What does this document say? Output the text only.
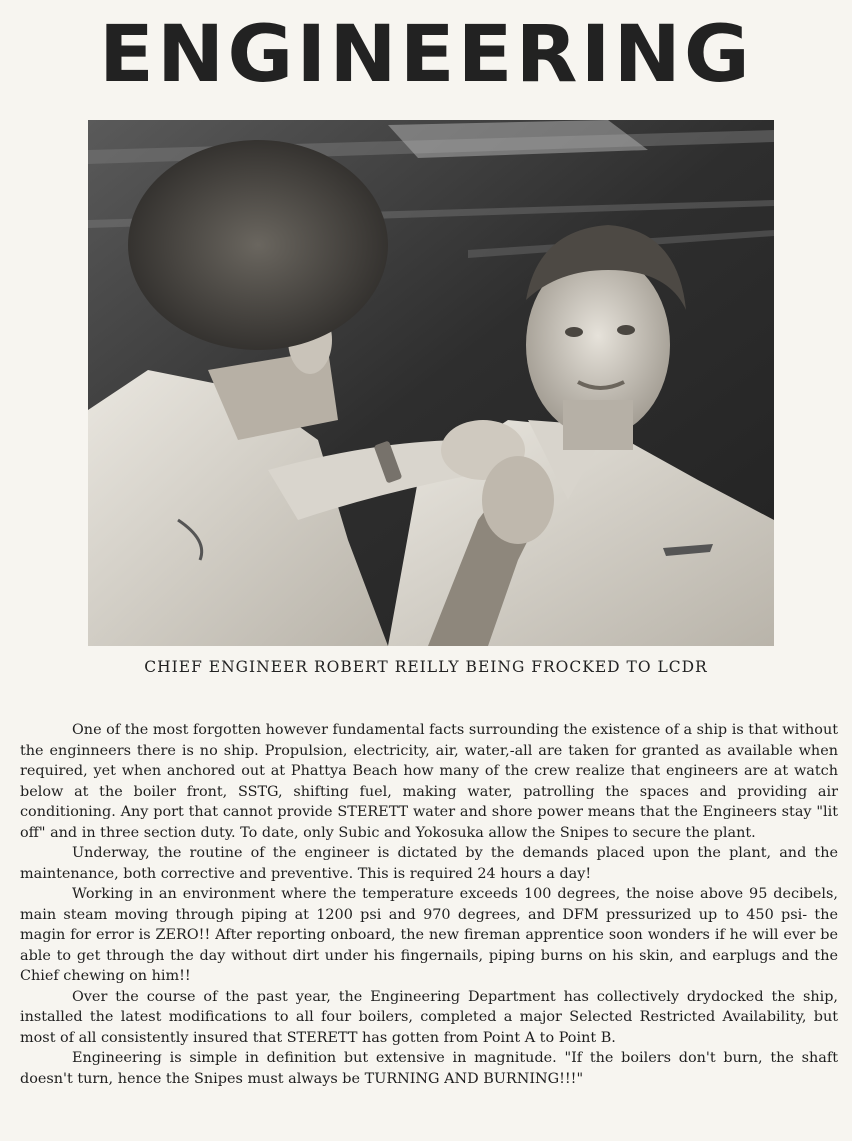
ENGINEERING
CHIEF ENGINEER ROBERT REILLY BEING FROCKED TO LCDR

One of the most forgotten however fundamental facts surrounding the existence of a ship is that without the enginneers there is no ship. Propulsion, electricity, air, water,-all are taken for granted as available when required, yet when anchored out at Phattya Beach how many of the crew realize that engineers are at watch below at the boiler front, SSTG, shifting fuel, making water, patrolling the spaces and providing air conditioning. Any port that cannot provide STERETT water and shore power means that the Engineers stay "lit off" and in three section duty. To date, only Subic and Yokosuka allow the Snipes to secure the plant.

Underway, the routine of the engineer is dictated by the demands placed upon the plant, and the maintenance, both corrective and preventive. This is required 24 hours a day!

Working in an environment where the temperature exceeds 100 degrees, the noise above 95 decibels, main steam moving through piping at 1200 psi and 970 degrees, and DFM pressurized up to 450 psi- the magin for error is ZERO!! After reporting onboard, the new fireman apprentice soon wonders if he will ever be able to get through the day without dirt under his fingernails, piping burns on his skin, and earplugs and the Chief chewing on him!!

Over the course of the past year, the Engineering Department has collectively drydocked the ship, installed the latest modifications to all four boilers, completed a major Selected Restricted Availability, but most of all consistently insured that STERETT has gotten from Point A to Point B.

Engineering is simple in definition but extensive in magnitude. "If the boilers don't burn, the shaft doesn't turn, hence the Snipes must always be TURNING AND BURNING!!!"
